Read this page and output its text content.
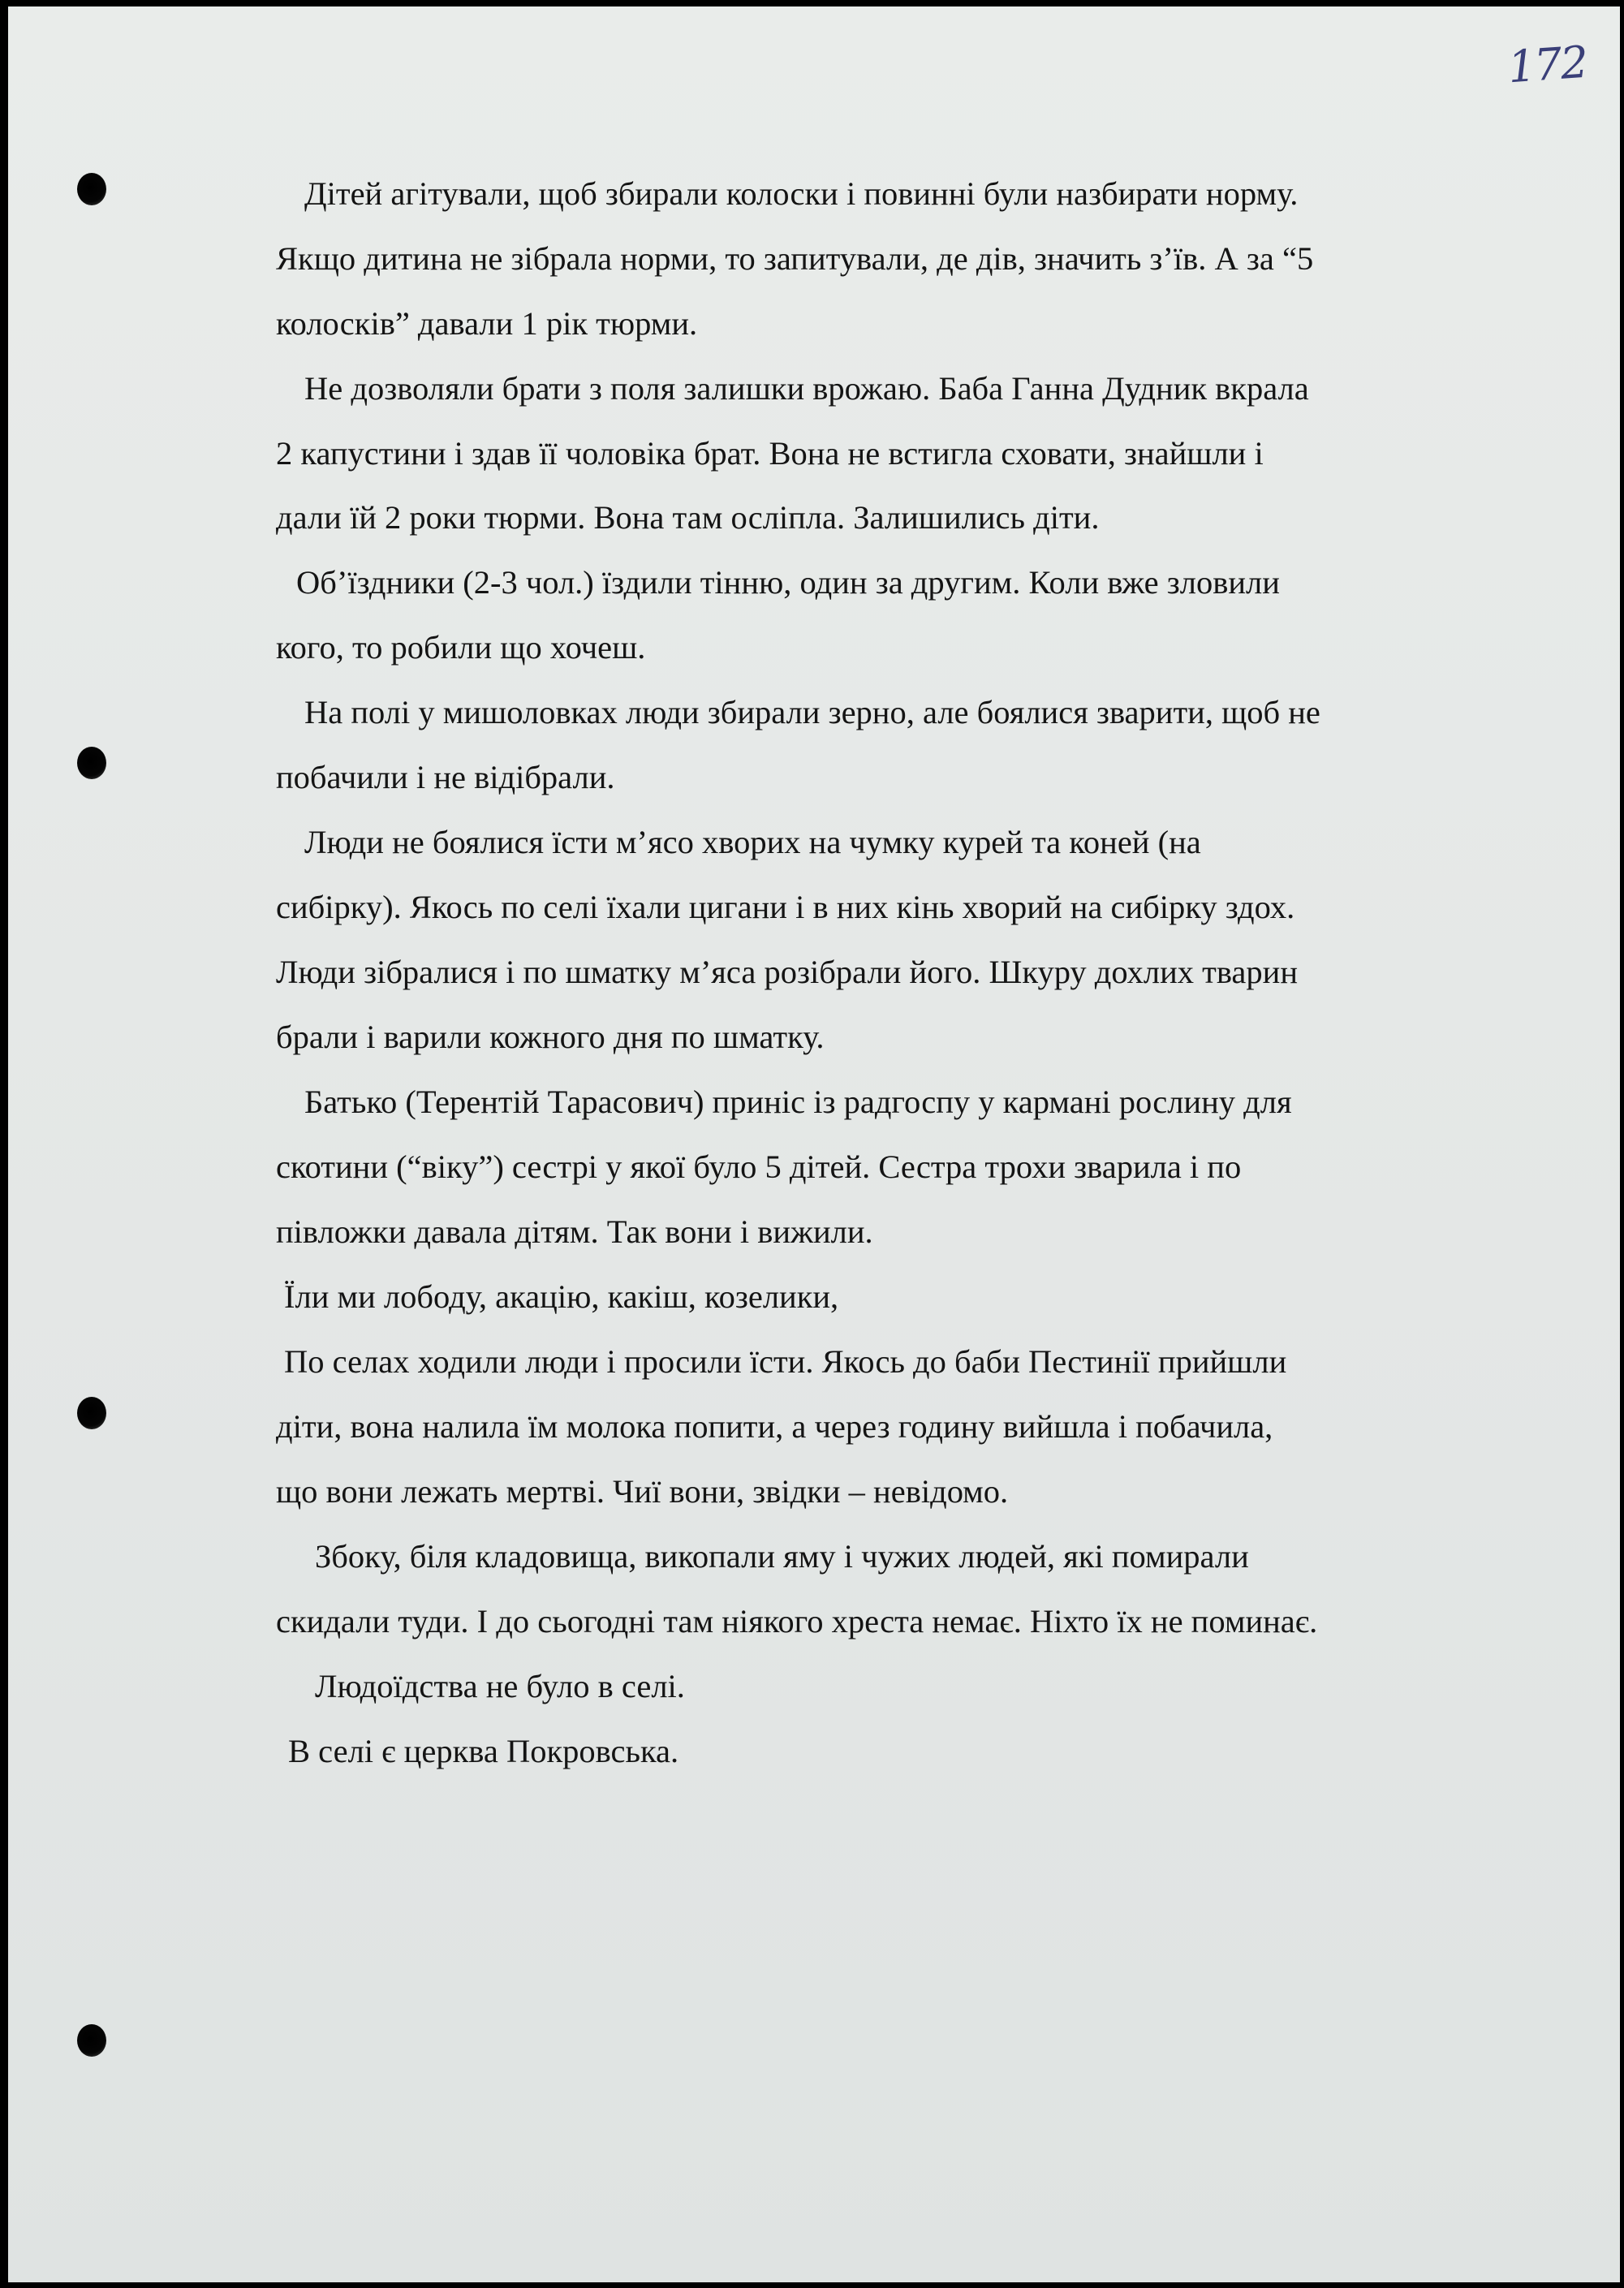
172

Дітей агітували, щоб збирали колоски і повинні були назбирати норму.

Якщо дитина не зібрала норми, то запитували, де дів, значить з’їв. А за “5

колосків” давали 1 рік тюрми.

Не дозволяли брати з поля залишки врожаю. Баба Ганна Дудник вкрала

2 капустини і здав її чоловіка брат. Вона не встигла сховати, знайшли і

дали їй 2 роки тюрми. Вона там осліпла. Залишились діти.

Об’їздники (2-3 чол.) їздили тінню, один за другим. Коли вже зловили

кого, то робили що хочеш.

На полі у мишоловках люди збирали зерно, але боялися зварити, щоб не

побачили і не відібрали.

Люди не боялися їсти м’ясо хворих на чумку курей та коней (на

сибірку). Якось по селі їхали цигани і в них кінь хворий на сибірку здох.

Люди зібралися і по шматку м’яса розібрали його. Шкуру дохлих тварин

брали і варили кожного дня по шматку.

Батько (Терентій Тарасович) приніс із радгоспу у кармані рослину для

скотини (“віку”) сестрі у якої було 5 дітей. Сестра трохи зварила і по

півложки давала дітям. Так вони і вижили.

Їли ми лободу, акацію, какіш, козелики,

По селах ходили люди і просили їсти. Якось до баби Пестинії прийшли

діти, вона налила їм молока попити, а через годину вийшла і побачила,

що вони лежать мертві. Чиї вони, звідки – невідомо.

Збоку, біля кладовища, викопали яму і чужих людей, які помирали

скидали туди. І до сьогодні там ніякого хреста немає. Ніхто їх не поминає.

Людоїдства не було в селі.

В селі є церква Покровська.
